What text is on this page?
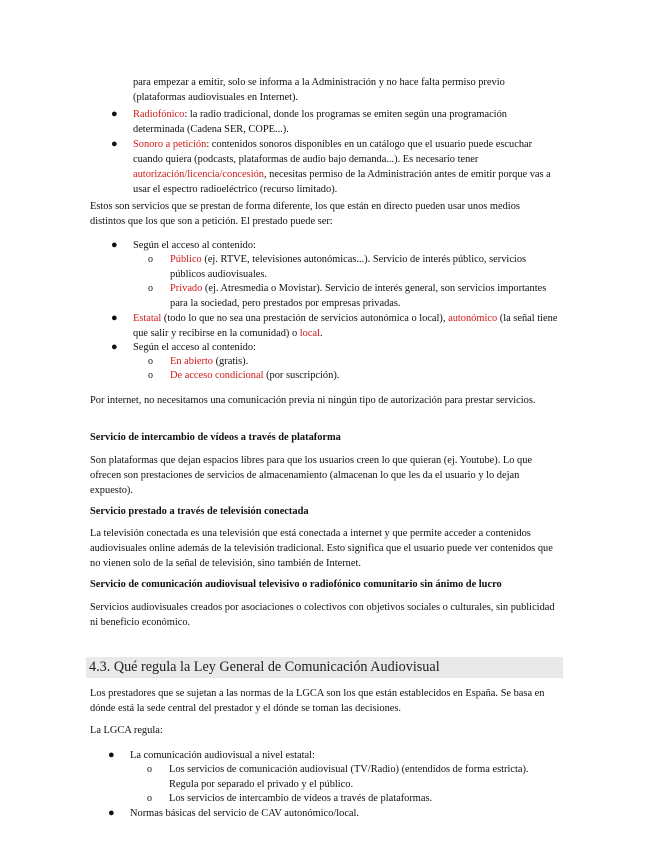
para empezar a emitir, solo se informa a la Administración y no hace falta permiso previo (plataformas audiovisuales en Internet).

● Radiofónico: la radio tradicional, donde los programas se emiten según una programación determinada (Cadena SER, COPE...).

● Sonoro a petición: contenidos sonoros disponibles en un catálogo que el usuario puede escuchar cuando quiera (podcasts, plataformas de audio bajo demanda...). Es necesario tener autorización/licencia/concesión, necesitas permiso de la Administración antes de emitir porque vas a usar el espectro radioeléctrico (recurso limitado).

Estos son servicios que se prestan de forma diferente, los que están en directo pueden usar unos medios distintos que los que son a petición. El prestado puede ser:

● Según el acceso al contenido:

o Público (ej. RTVE, televisiones autonómicas...). Servicio de interés público, servicios públicos audiovisuales.

o Privado (ej. Atresmedia o Movistar). Servicio de interés general, son servicios importantes para la sociedad, pero prestados por empresas privadas.

● Estatal (todo lo que no sea una prestación de servicios autonómica o local), autonómico (la señal tiene que salir y recibirse en la comunidad) o local.

● Según el acceso al contenido:

o En abierto (gratis).

o De acceso condicional (por suscripción).

Por internet, no necesitamos una comunicación previa ni ningún tipo de autorización para prestar servicios.

Servicio de intercambio de vídeos a través de plataforma

Son plataformas que dejan espacios libres para que los usuarios creen lo que quieran (ej. Youtube). Lo que ofrecen son prestaciones de servicios de almacenamiento (almacenan lo que les da el usuario y lo dejan expuesto).

Servicio prestado a través de televisión conectada

La televisión conectada es una televisión que está conectada a internet y que permite acceder a contenidos audiovisuales online además de la televisión tradicional. Esto significa que el usuario puede ver contenidos que no vienen solo de la señal de televisión, sino también de Internet.

Servicio de comunicación audiovisual televisivo o radiofónico comunitario sin ánimo de lucro

Servicios audiovisuales creados por asociaciones o colectivos con objetivos sociales o culturales, sin publicidad ni beneficio económico.

4.3. Qué regula la Ley General de Comunicación Audiovisual

Los prestadores que se sujetan a las normas de la LGCA son los que están establecidos en España. Se basa en dónde está la sede central del prestador y el dónde se toman las decisiones.

La LGCA regula:

● La comunicación audiovisual a nivel estatal:

o Los servicios de comunicación audiovisual (TV/Radio) (entendidos de forma estricta). Regula por separado el privado y el público.

o Los servicios de intercambio de vídeos a través de plataformas.

● Normas básicas del servicio de CAV autonómico/local.
